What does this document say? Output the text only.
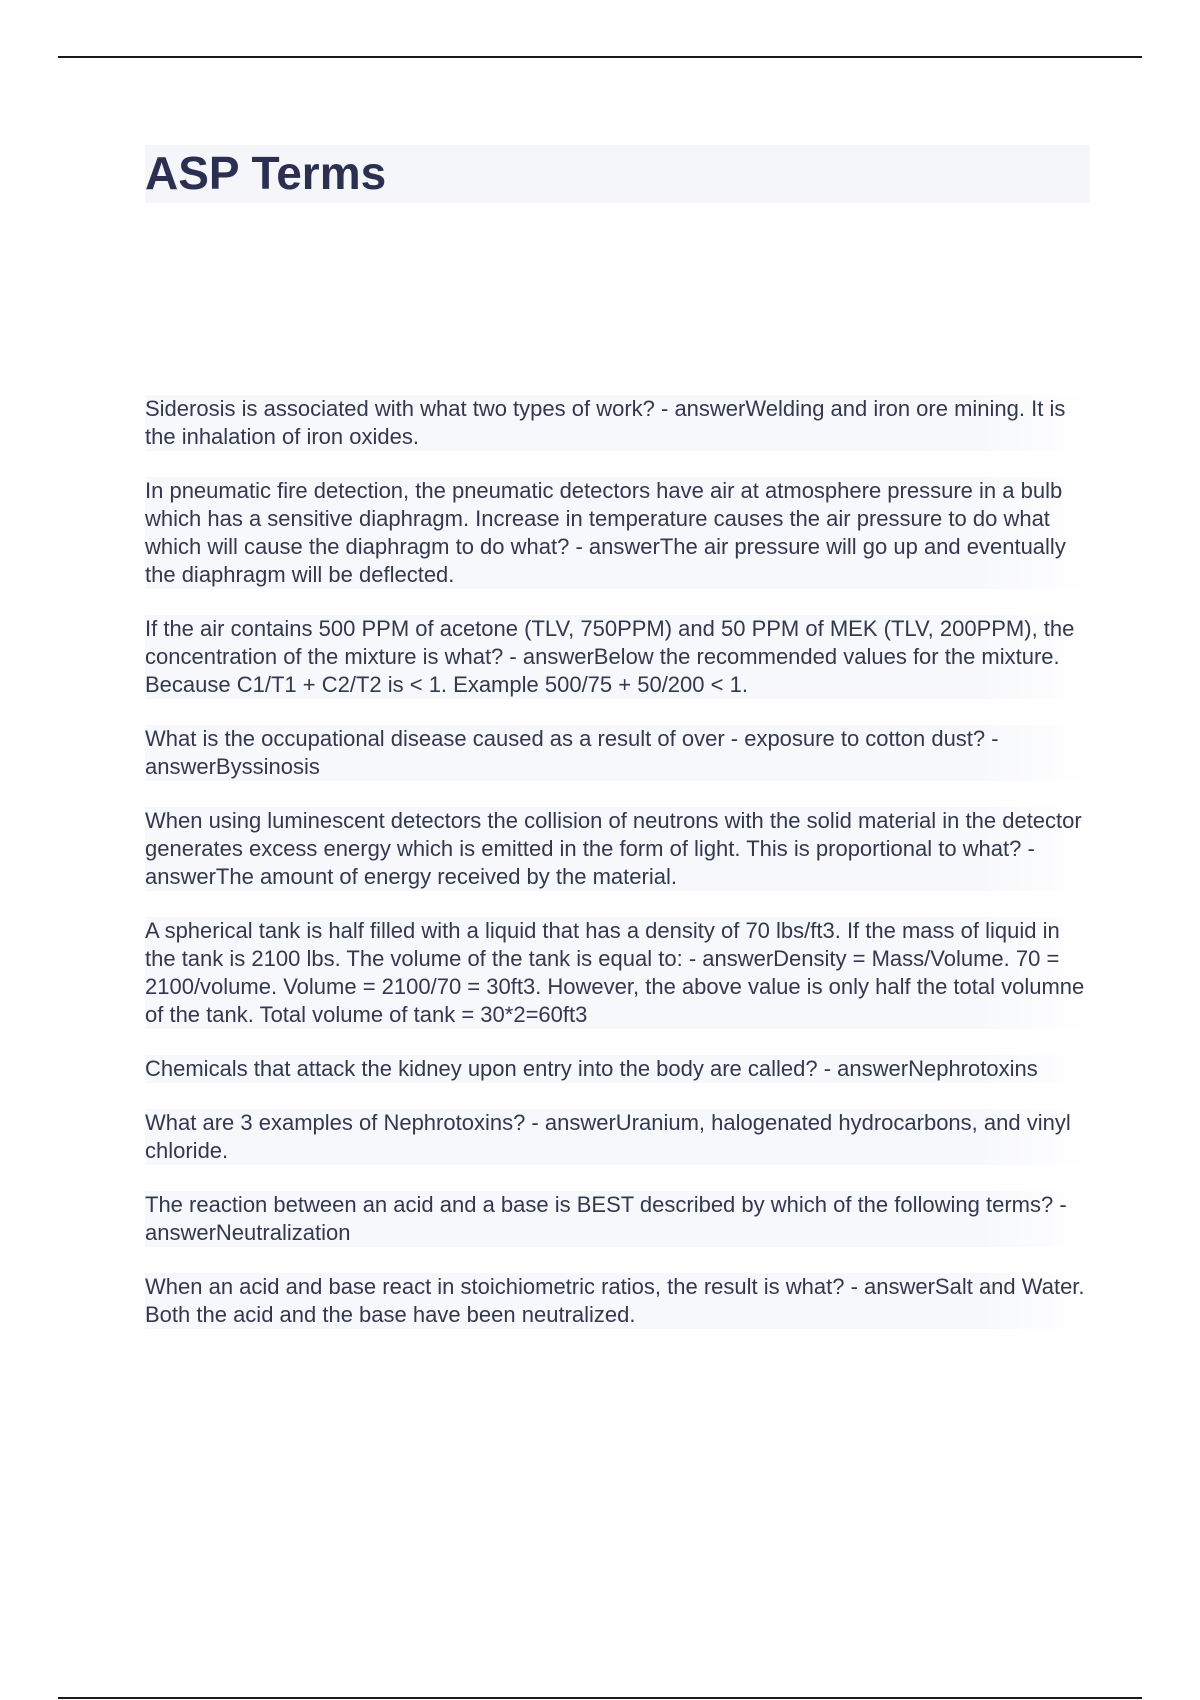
ASP Terms

Siderosis is associated with what two types of work? - answerWelding and iron ore mining. It is the inhalation of iron oxides.

In pneumatic fire detection, the pneumatic detectors have air at atmosphere pressure in a bulb which has a sensitive diaphragm. Increase in temperature causes the air pressure to do what which will cause the diaphragm to do what? - answerThe air pressure will go up and eventually the diaphragm will be deflected.

If the air contains 500 PPM of acetone (TLV, 750PPM) and 50 PPM of MEK (TLV, 200PPM), the concentration of the mixture is what? - answerBelow the recommended values for the mixture. Because C1/T1 + C2/T2 is < 1. Example 500/75 + 50/200 < 1.

What is the occupational disease caused as a result of over - exposure to cotton dust? - answerByssinosis

When using luminescent detectors the collision of neutrons with the solid material in the detector generates excess energy which is emitted in the form of light. This is proportional to what? - answerThe amount of energy received by the material.

A spherical tank is half filled with a liquid that has a density of 70 lbs/ft3. If the mass of liquid in the tank is 2100 lbs. The volume of the tank is equal to: - answerDensity = Mass/Volume. 70 = 2100/volume. Volume = 2100/70 = 30ft3. However, the above value is only half the total volumne of the tank. Total volume of tank = 30*2=60ft3

Chemicals that attack the kidney upon entry into the body are called? - answerNephrotoxins

What are 3 examples of Nephrotoxins? - answerUranium, halogenated hydrocarbons, and vinyl chloride.

The reaction between an acid and a base is BEST described by which of the following terms? - answerNeutralization

When an acid and base react in stoichiometric ratios, the result is what? - answerSalt and Water. Both the acid and the base have been neutralized.
